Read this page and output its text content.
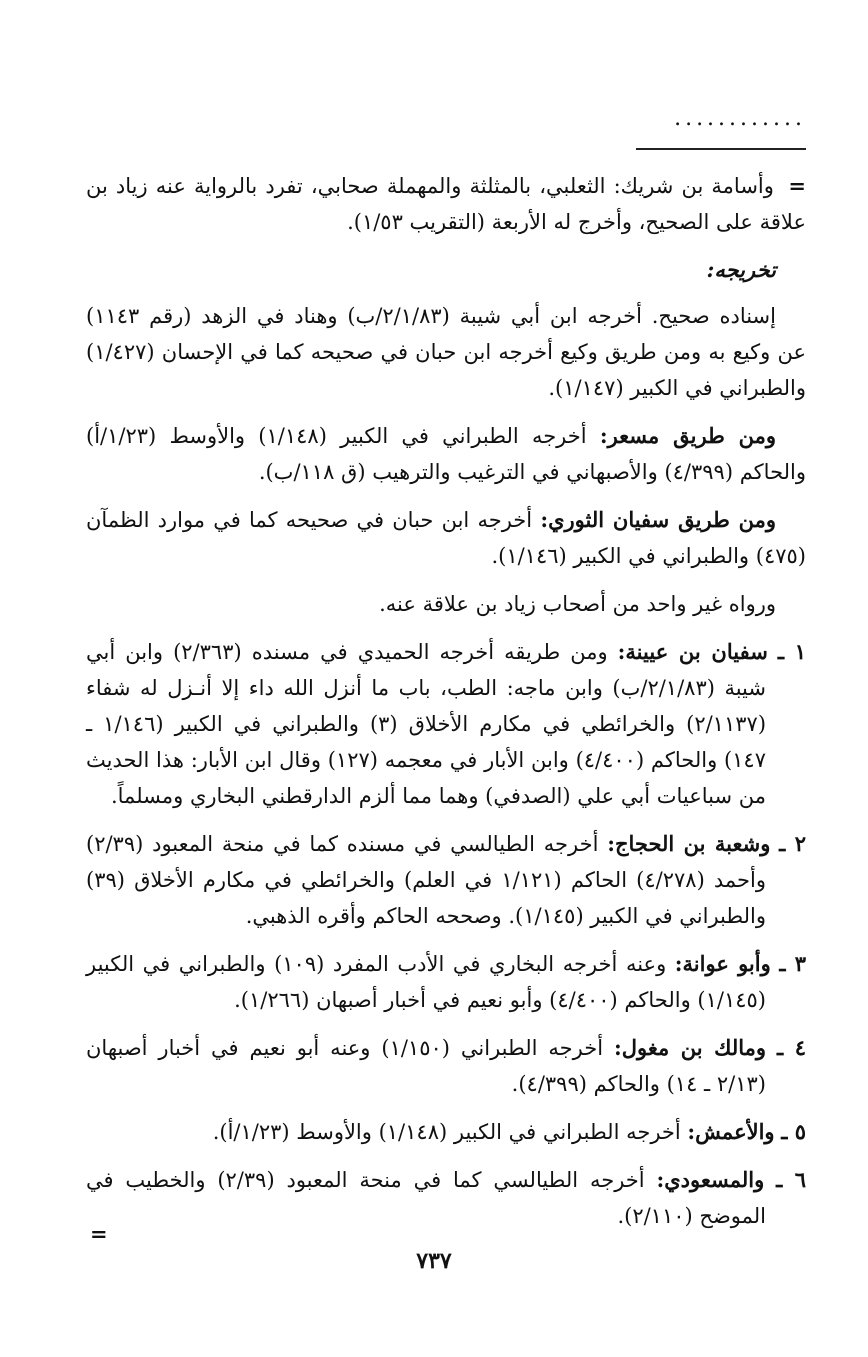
............

= وأسامة بن شريك: الثعلبي، بالمثلثة والمهملة صحابي، تفرد بالرواية عنه زياد بن علاقة على الصحيح، وأخرج له الأربعة (التقريب ١/٥٣).

تخريجه:

إسناده صحيح. أخرجه ابن أبي شيبة (٢/١/٨٣/ب) وهناد في الزهد (رقم ١١٤٣) عن وكيع به ومن طريق وكيع أخرجه ابن حبان في صحيحه كما في الإحسان (١/٤٢٧) والطبراني في الكبير (١/١٤٧).

ومن طريق مسعر: أخرجه الطبراني في الكبير (١/١٤٨) والأوسط (١/٢٣/أ) والحاكم (٤/٣٩٩) والأصبهاني في الترغيب والترهيب (ق ١١٨/ب).

ومن طريق سفيان الثوري: أخرجه ابن حبان في صحيحه كما في موارد الظمآن (٤٧٥) والطبراني في الكبير (١/١٤٦).

ورواه غير واحد من أصحاب زياد بن علاقة عنه.

١ ـ سفيان بن عيينة: ومن طريقه أخرجه الحميدي في مسنده (٢/٣٦٣) وابن أبي شيبة (٢/١/٨٣/ب) وابن ماجه: الطب، باب ما أنزل الله داء إلا أنـزل له شفاء (٢/١١٣٧) والخرائطي في مكارم الأخلاق (٣) والطبراني في الكبير (١/١٤٦ ـ ١٤٧) والحاكم (٤/٤٠٠) وابن الأبار في معجمه (١٢٧) وقال ابن الأبار: هذا الحديث من سباعيات أبي علي (الصدفي) وهما مما ألزم الدارقطني البخاري ومسلماً.

٢ ـ وشعبة بن الحجاج: أخرجه الطيالسي في مسنده كما في منحة المعبود (٢/٣٩) وأحمد (٤/٢٧٨) الحاكم (١/١٢١ في العلم) والخرائطي في مكارم الأخلاق (٣٩) والطبراني في الكبير (١/١٤٥). وصححه الحاكم وأقره الذهبي.

٣ ـ وأبو عوانة: وعنه أخرجه البخاري في الأدب المفرد (١٠٩) والطبراني في الكبير (١/١٤٥) والحاكم (٤/٤٠٠) وأبو نعيم في أخبار أصبهان (١/٢٦٦).

٤ ـ ومالك بن مغول: أخرجه الطبراني (١/١٥٠) وعنه أبو نعيم في أخبار أصبهان (٢/١٣ ـ ١٤) والحاكم (٤/٣٩٩).

٥ ـ والأعمش: أخرجه الطبراني في الكبير (١/١٤٨) والأوسط (١/٢٣/أ).

٦ ـ والمسعودي: أخرجه الطيالسي كما في منحة المعبود (٢/٣٩) والخطيب في الموضح (٢/١١٠).

=
٧٣٧
